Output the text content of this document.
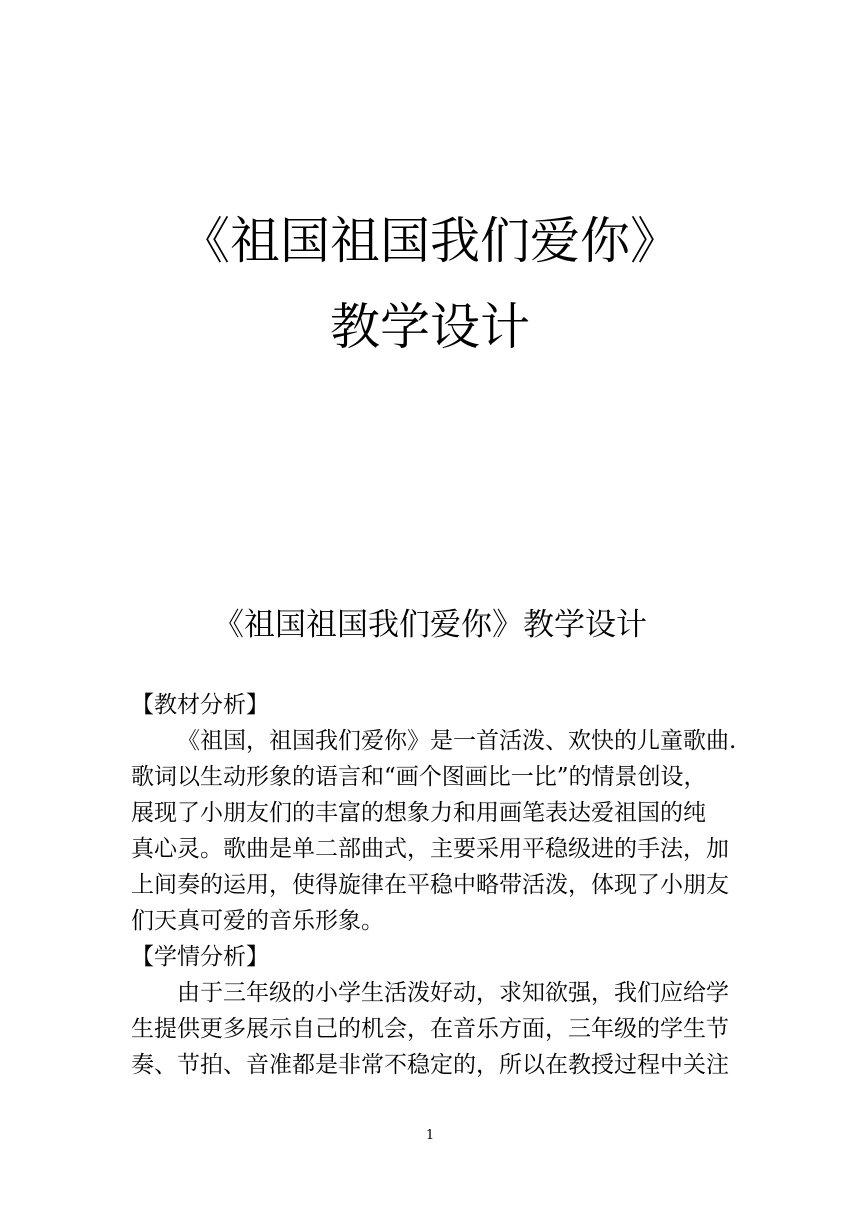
《祖国祖国我们爱你》
教学设计
《祖国祖国我们爱你》教学设计
【教材分析】
《祖国，祖国我们爱你》是一首活泼、欢快的儿童歌曲.
歌词以生动形象的语言和“画个图画比一比”的情景创设，
展现了小朋友们的丰富的想象力和用画笔表达爱祖国的纯
真心灵。歌曲是单二部曲式，主要采用平稳级进的手法，加
上间奏的运用，使得旋律在平稳中略带活泼，体现了小朋友
们天真可爱的音乐形象。
【学情分析】
由于三年级的小学生活泼好动，求知欲强，我们应给学
生提供更多展示自己的机会，在音乐方面，三年级的学生节
奏、节拍、音准都是非常不稳定的，所以在教授过程中关注
1
